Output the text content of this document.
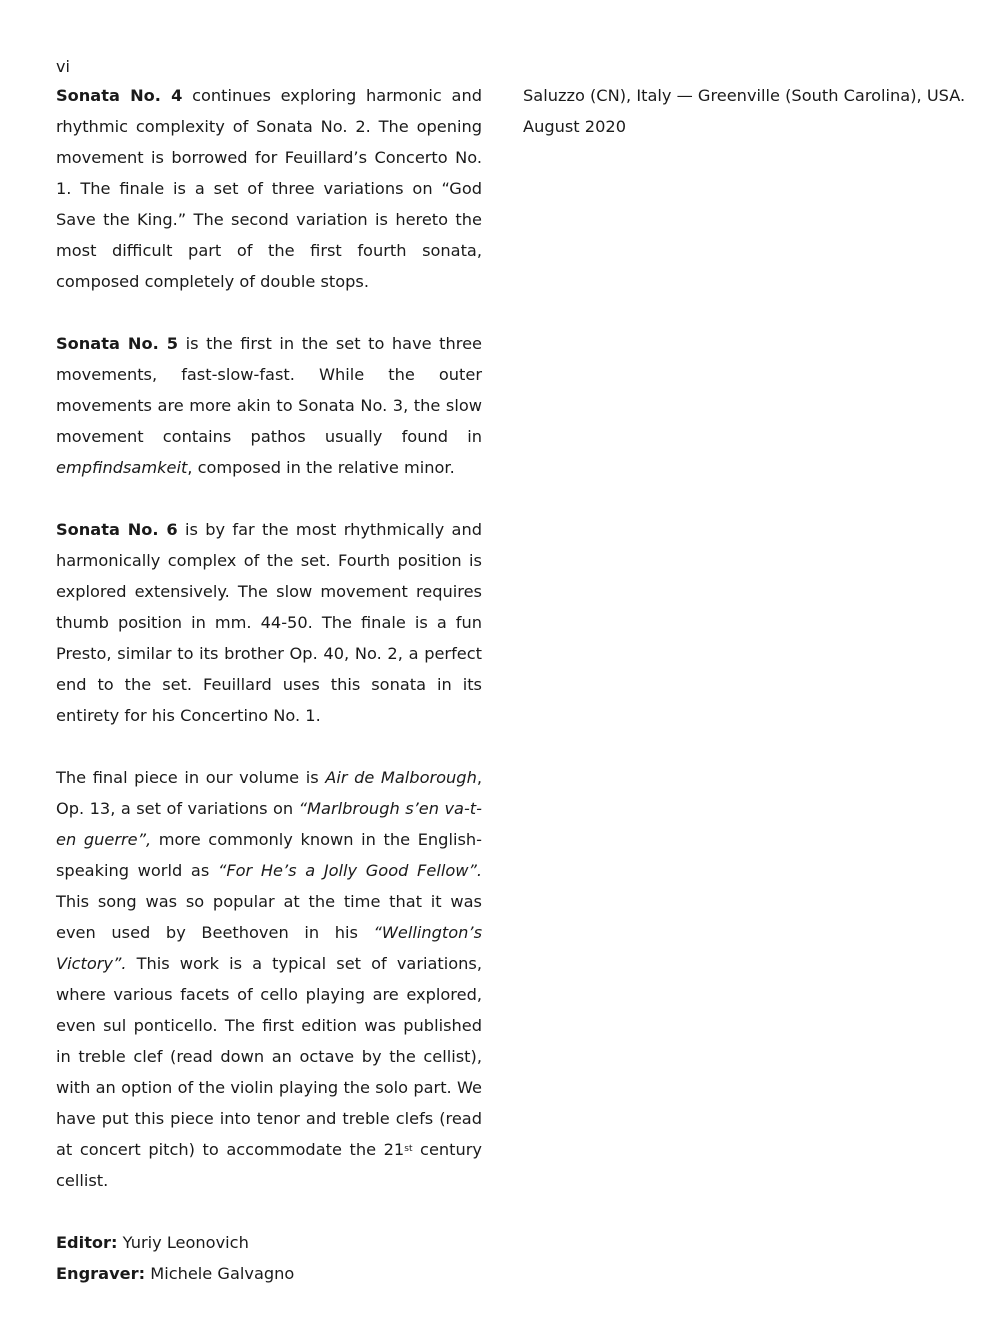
vi

Sonata No. 4 continues exploring harmonic and rhythmic complexity of Sonata No. 2. The opening movement is borrowed for Feuillard’s Concerto No. 1. The finale is a set of three variations on “God Save the King.” The second variation is hereto the most difficult part of the first fourth sonata, composed completely of double stops.

Sonata No. 5 is the first in the set to have three movements, fast-slow-fast. While the outer movements are more akin to Sonata No. 3, the slow movement contains pathos usually found in empfindsamkeit, composed in the relative minor.

Sonata No. 6 is by far the most rhythmically and harmonically complex of the set. Fourth position is explored extensively. The slow movement requires thumb position in mm. 44-50. The finale is a fun Presto, similar to its brother Op. 40, No. 2, a perfect end to the set. Feuillard uses this sonata in its entirety for his Concertino No. 1.

The final piece in our volume is Air de Malborough, Op. 13, a set of variations on “Marlbrough s’en va-t-en guerre”, more commonly known in the English-speaking world as “For He’s a Jolly Good Fellow”. This song was so popular at the time that it was even used by Beethoven in his “Wellington’s Victory”. This work is a typical set of variations, where various facets of cello playing are explored, even sul ponticello. The first edition was published in treble clef (read down an octave by the cellist), with an option of the violin playing the solo part. We have put this piece into tenor and treble clefs (read at concert pitch) to accommodate the 21st century cellist.

Editor: Yuriy Leonovich

Engraver: Michele Galvagno

Saluzzo (CN), Italy — Greenville (South Carolina), USA.

August 2020
